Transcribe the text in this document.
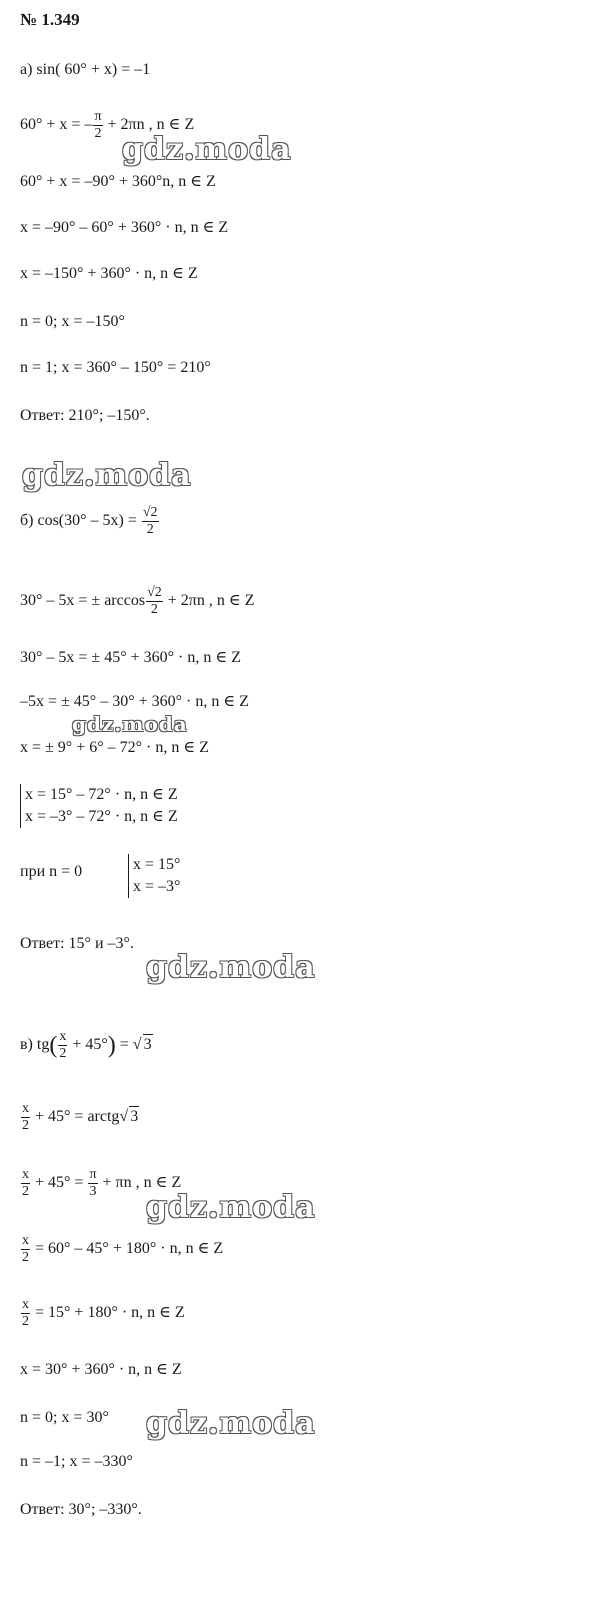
№ 1.349
а) sin( 60° + x) = –1
60° + x = – $\frac{\pi}{2} + 2\pi n$ , n ∈ Z
gdz.moda
60° + x = –90° + 360°n, n ∈ Z
x = –90° – 60° + 360° · n, n ∈ Z
x = –150° + 360° · n, n ∈ Z
n = 0; x = –150°
n = 1; x = 360° – 150° = 210°
Ответ: 210°; –150°.
gdz.moda
б) $\cos(30^\circ - 5x) = \frac{√2}{2}$
30° – 5x = ± $\arccos \frac{√2}{2} + 2\pi n$ , n ∈ Z
30° – 5x = ± 45° + 360° · n, n ∈ Z
–5x = ± 45° – 30° + 360° · n, n ∈ Z
gdz.moda
x = ± 9° + 6° – 72° · n, n ∈ Z
x = 15° – 72° · n, n ∈ Z
x = –3° – 72° · n, n ∈ Z
при n = 0	x = 15°
x = –3°
Ответ: 15° и –3°.
gdz.moda
в) $tg( \frac{x}{2} + 45^\circ)$ = √ 3
$\frac{x}{2} + 45^\circ$ = arctg√ 3
$\frac{x}{2} + 45^\circ = \frac{\pi}{3} + \pi n$ , n ∈ Z
gdz.moda
$\frac{x}{2} = 60^\circ - 45^\circ + 180^\circ \cdot n$, n ∈ Z
$\frac{x}{2} = 15^\circ + 180^\circ \cdot n$, n ∈ Z
x = 30° + 360° · n, n ∈ Z
n = 0; x = 30° gdz.moda
n = –1; x = –330°
Ответ: 30°; –330°.
